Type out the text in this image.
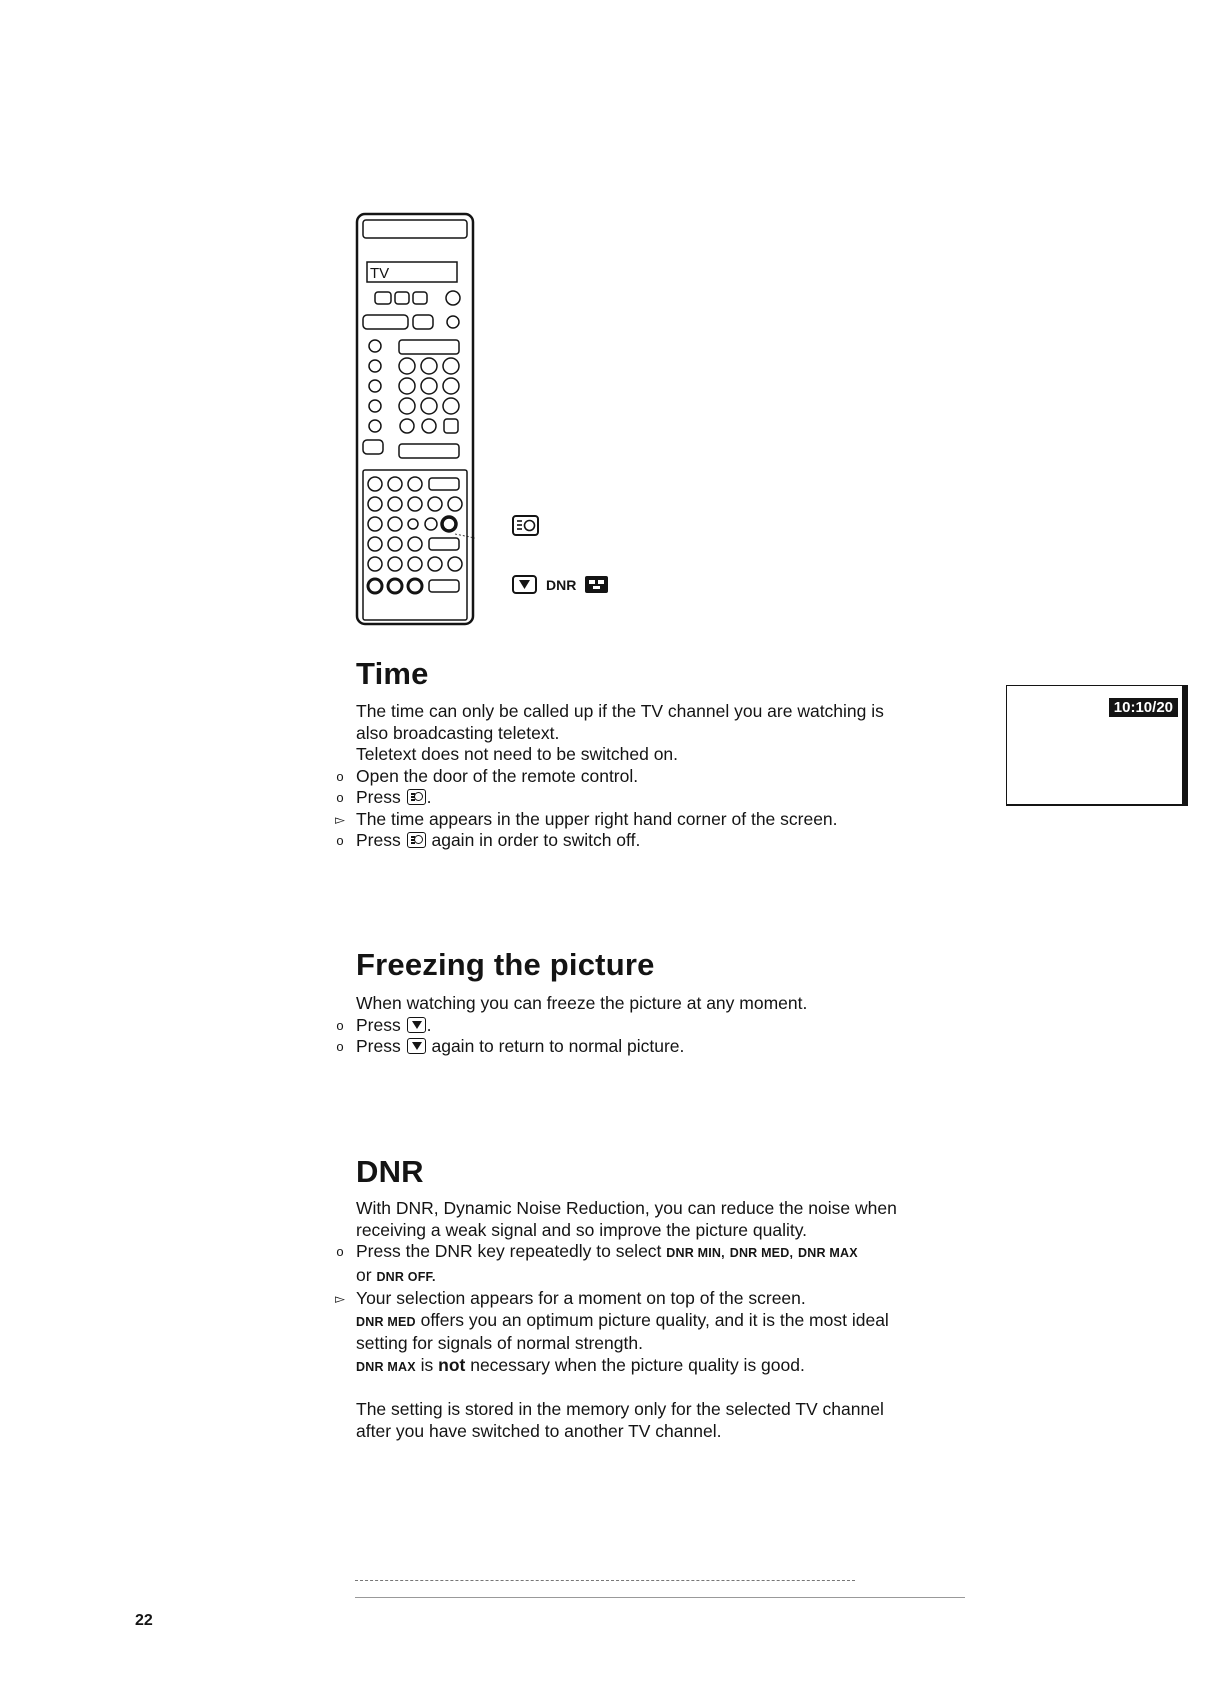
TV
DNR
Time

The time can only be called up if the TV channel you are watching is

also broadcasting teletext.

Teletext does not need to be switched on.

o Open the door of the remote control.

o Press .

▻ The time appears in the upper right hand corner of the screen.

o Press again in order to switch off.

10:10/20
Freezing the picture

When watching you can freeze the picture at any moment.

o Press .

o Press again to return to normal picture.

DNR

With DNR, Dynamic Noise Reduction, you can reduce the noise when

receiving a weak signal and so improve the picture quality.

o Press the DNR key repeatedly to select DNR MIN, DNR MED, DNR MAX

or DNR OFF.

▻ Your selection appears for a moment on top of the screen.

DNR MED offers you an optimum picture quality, and it is the most ideal

setting for signals of normal strength.

DNR MAX is not necessary when the picture quality is good.

The setting is stored in the memory only for the selected TV channel

after you have switched to another TV channel.

22
